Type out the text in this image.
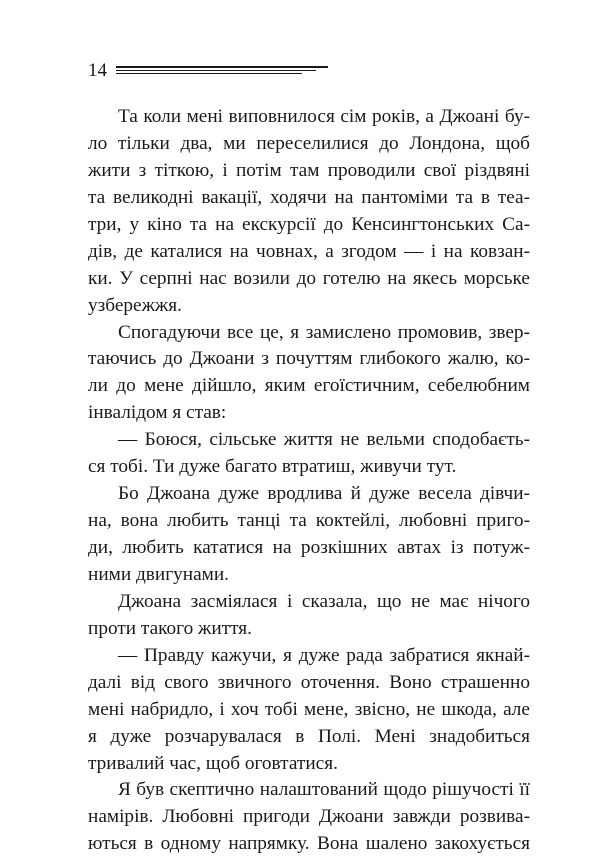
14
Та коли мені виповнилося сім років, а Джоані бу-
ло тільки два, ми переселилися до Лондона, щоб
жити з тіткою, і потім там проводили свої різдвяні
та великодні вакації, ходячи на пантоміми та в теа-
три, у кіно та на екскурсії до Кенсингтонських Са-
дів, де каталися на човнах, а згодом — і на ковзан-
ки. У серпні нас возили до готелю на якесь морське
узбережжя.
Спогадуючи все це, я замислено промовив, звер-
таючись до Джоани з почуттям глибокого жалю, ко-
ли до мене дійшло, яким егоїстичним, себелюбним
інвалідом я став:
— Боюся, сільське життя не вельми сподобаєть-
ся тобі. Ти дуже багато втратиш, живучи тут.
Бо Джоана дуже вродлива й дуже весела дівчи-
на, вона любить танці та коктейлі, любовні приго-
ди, любить кататися на розкішних автах із потуж-
ними двигунами.
Джоана засміялася і сказала, що не має нічого
проти такого життя.
— Правду кажучи, я дуже рада забратися якнай-
далі від свого звичного оточення. Воно страшенно
мені набридло, і хоч тобі мене, звісно, не шкода, але
я дуже розчарувалася в Полі. Мені знадобиться
тривалий час, щоб оговтатися.
Я був скептично налаштований щодо рішучості її
намірів. Любовні пригоди Джоани завжди розвива-
ються в одному напрямку. Вона шалено закохується
